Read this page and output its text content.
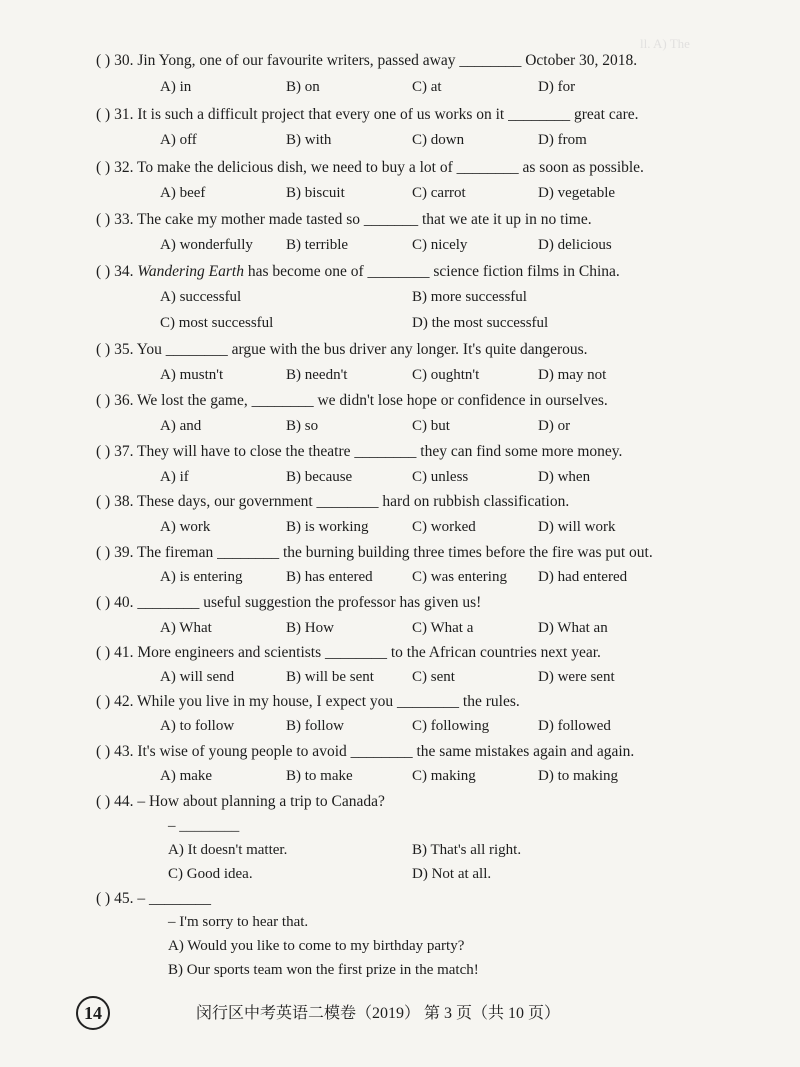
ll. A) The
( ) 30. Jin Yong, one of our favourite writers, passed away ________ October 30, 2018.
A) in	B) on	C) at	D) for
( ) 31. It is such a difficult project that every one of us works on it ________ great care.
A) off	B) with	C) down	D) from
( ) 32. To make the delicious dish, we need to buy a lot of ________ as soon as possible.
A) beef	B) biscuit	C) carrot	D) vegetable
( ) 33. The cake my mother made tasted so _______ that we ate it up in no time.
A) wonderfully B) terrible	C) nicely	D) delicious
( ) 34. Wandering Earth has become one of ________ science fiction films in China.
A) successful	B) more successful
C) most successful	D) the most successful
( ) 35. You ________ argue with the bus driver any longer. It's quite dangerous.
A) mustn't	B) needn't	C) oughtn't	D) may not
( ) 36. We lost the game, ________ we didn't lose hope or confidence in ourselves.
A) and	B) so	C) but	D) or
( ) 37. They will have to close the theatre ________ they can find some more money.
A) if	B) because	C) unless	D) when
( ) 38. These days, our government ________ hard on rubbish classification.
A) work	B) is working	C) worked	D) will work
( ) 39. The fireman ________ the burning building three times before the fire was put out.
A) is entering	B) has entered	C) was entering D) had entered
( ) 40. ________ useful suggestion the professor has given us!
A) What	B) How	C) What a	D) What an
( ) 41. More engineers and scientists ________ to the African countries next year.
A) will send	B) will be sent	C) sent	D) were sent
( ) 42. While you live in my house, I expect you ________ the rules.
A) to follow	B) follow	C) following	D) followed
( ) 43. It's wise of young people to avoid ________ the same mistakes again and again.
A) make	B) to make	C) making	D) to making
( ) 44. – How about planning a trip to Canada?
– ________
A) It doesn't matter.	B) That's all right.
C) Good idea.	D) Not at all.
( ) 45. – ________
– I'm sorry to hear that.
A) Would you like to come to my birthday party?
B) Our sports team won the first prize in the match!
14	闵行区中考英语二模卷（2019） 第 3 页（共 10 页）
